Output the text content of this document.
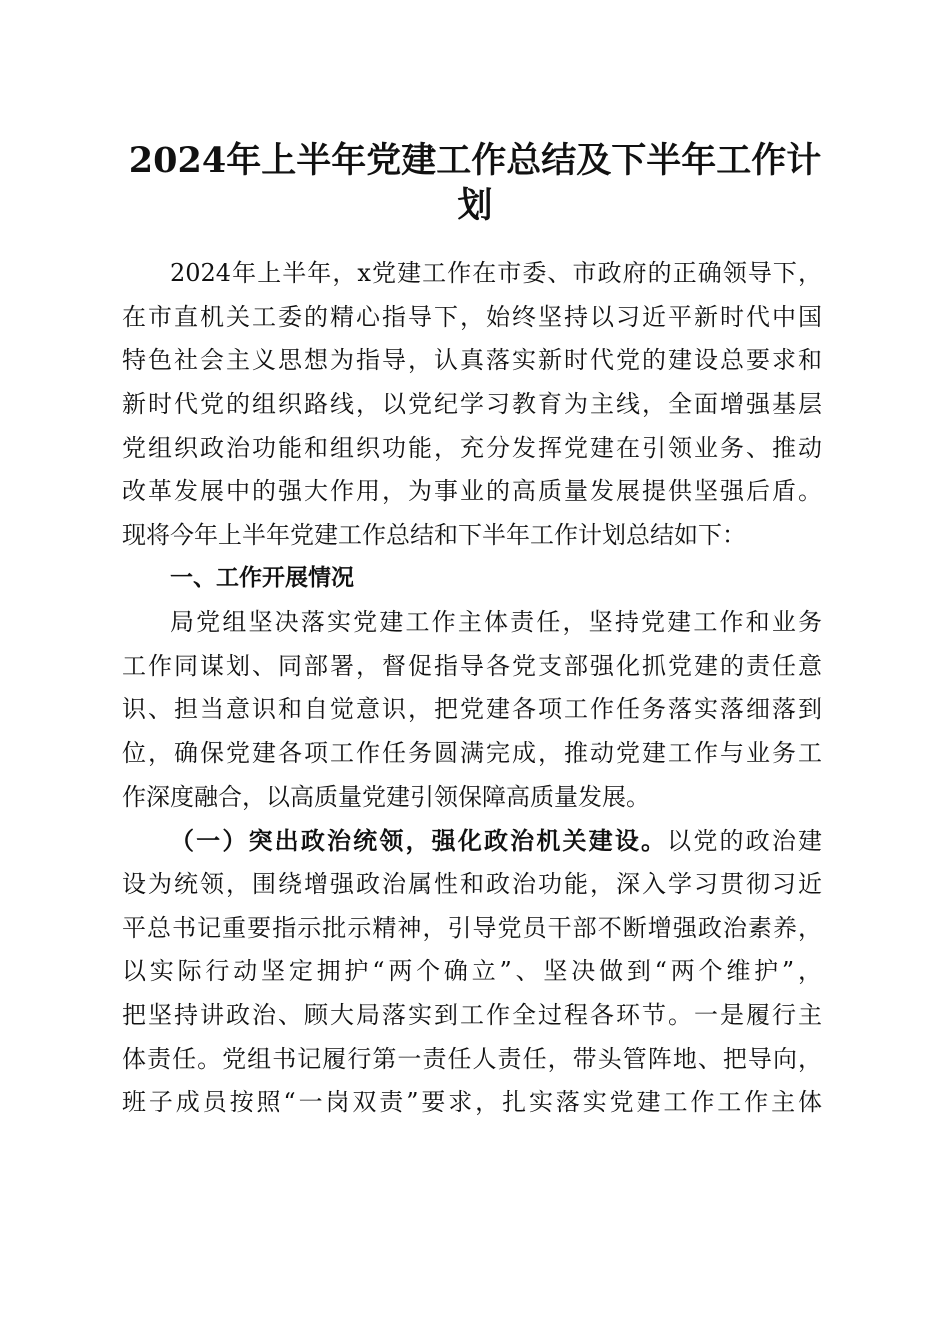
2024年上半年党建工作总结及下半年工作计
划
2024年上半年，x党建工作在市委、市政府的正确领导下，
在市直机关工委的精心指导下，始终坚持以习近平新时代中国
特色社会主义思想为指导，认真落实新时代党的建设总要求和
新时代党的组织路线，以党纪学习教育为主线，全面增强基层
党组织政治功能和组织功能，充分发挥党建在引领业务、推动
改革发展中的强大作用，为事业的高质量发展提供坚强后盾。
现将今年上半年党建工作总结和下半年工作计划总结如下：
一、工作开展情况
局党组坚决落实党建工作主体责任，坚持党建工作和业务
工作同谋划、同部署，督促指导各党支部强化抓党建的责任意
识、担当意识和自觉意识，把党建各项工作任务落实落细落到
位，确保党建各项工作任务圆满完成，推动党建工作与业务工
作深度融合，以高质量党建引领保障高质量发展。
（一）突出政治统领，强化政治机关建设。以党的政治建
设为统领，围绕增强政治属性和政治功能，深入学习贯彻习近
平总书记重要指示批示精神，引导党员干部不断增强政治素养，
以实际行动坚定拥护“两个确立”、坚决做到“两个维护”，
把坚持讲政治、顾大局落实到工作全过程各环节。一是履行主
体责任。党组书记履行第一责任人责任，带头管阵地、把导向，
班子成员按照“一岗双责”要求，扎实落实党建工作工作主体
